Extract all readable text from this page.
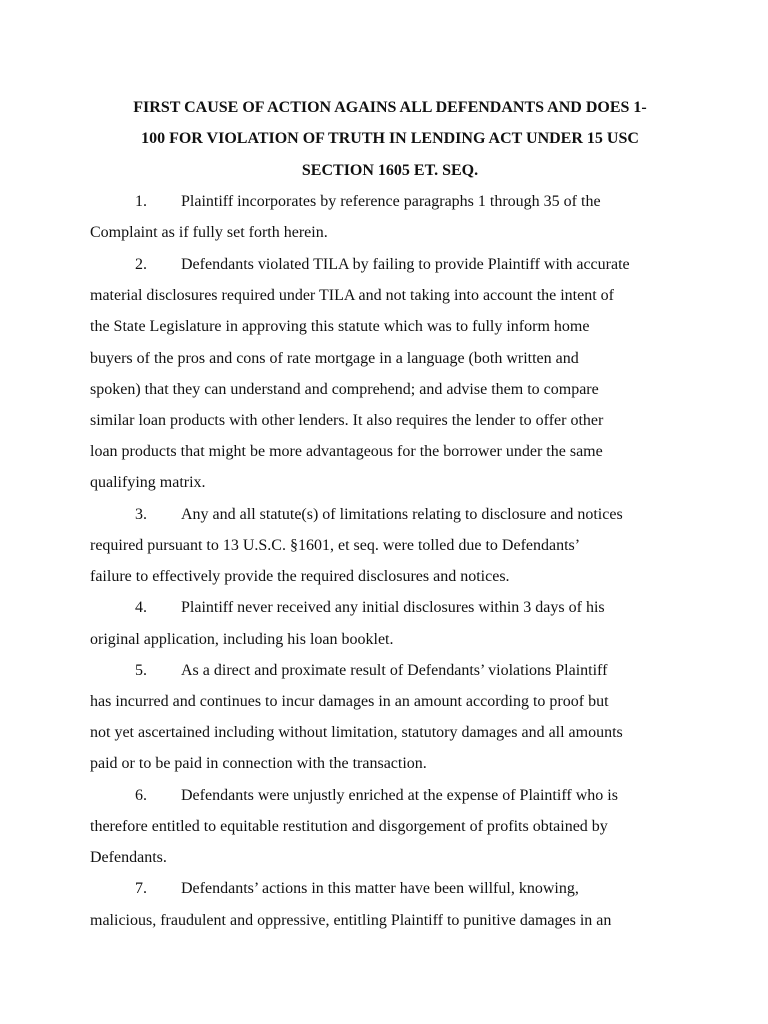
FIRST CAUSE OF ACTION AGAINS ALL DEFENDANTS AND DOES 1-
100 FOR VIOLATION OF TRUTH IN LENDING ACT UNDER 15 USC
SECTION 1605 ET. SEQ.
1. Plaintiff incorporates by reference paragraphs 1 through 35 of the
Complaint as if fully set forth herein.
2. Defendants violated TILA by failing to provide Plaintiff with accurate
material disclosures required under TILA and not taking into account the intent of
the State Legislature in approving this statute which was to fully inform home
buyers of the pros and cons of rate mortgage in a language (both written and
spoken) that they can understand and comprehend; and advise them to compare
similar loan products with other lenders. It also requires the lender to offer other
loan products that might be more advantageous for the borrower under the same
qualifying matrix.
3. Any and all statute(s) of limitations relating to disclosure and notices
required pursuant to 13 U.S.C. §1601, et seq. were tolled due to Defendants’
failure to effectively provide the required disclosures and notices.
4. Plaintiff never received any initial disclosures within 3 days of his
original application, including his loan booklet.
5. As a direct and proximate result of Defendants’ violations Plaintiff
has incurred and continues to incur damages in an amount according to proof but
not yet ascertained including without limitation, statutory damages and all amounts
paid or to be paid in connection with the transaction.
6. Defendants were unjustly enriched at the expense of Plaintiff who is
therefore entitled to equitable restitution and disgorgement of profits obtained by
Defendants.
7. Defendants’ actions in this matter have been willful, knowing,
malicious, fraudulent and oppressive, entitling Plaintiff to punitive damages in an
